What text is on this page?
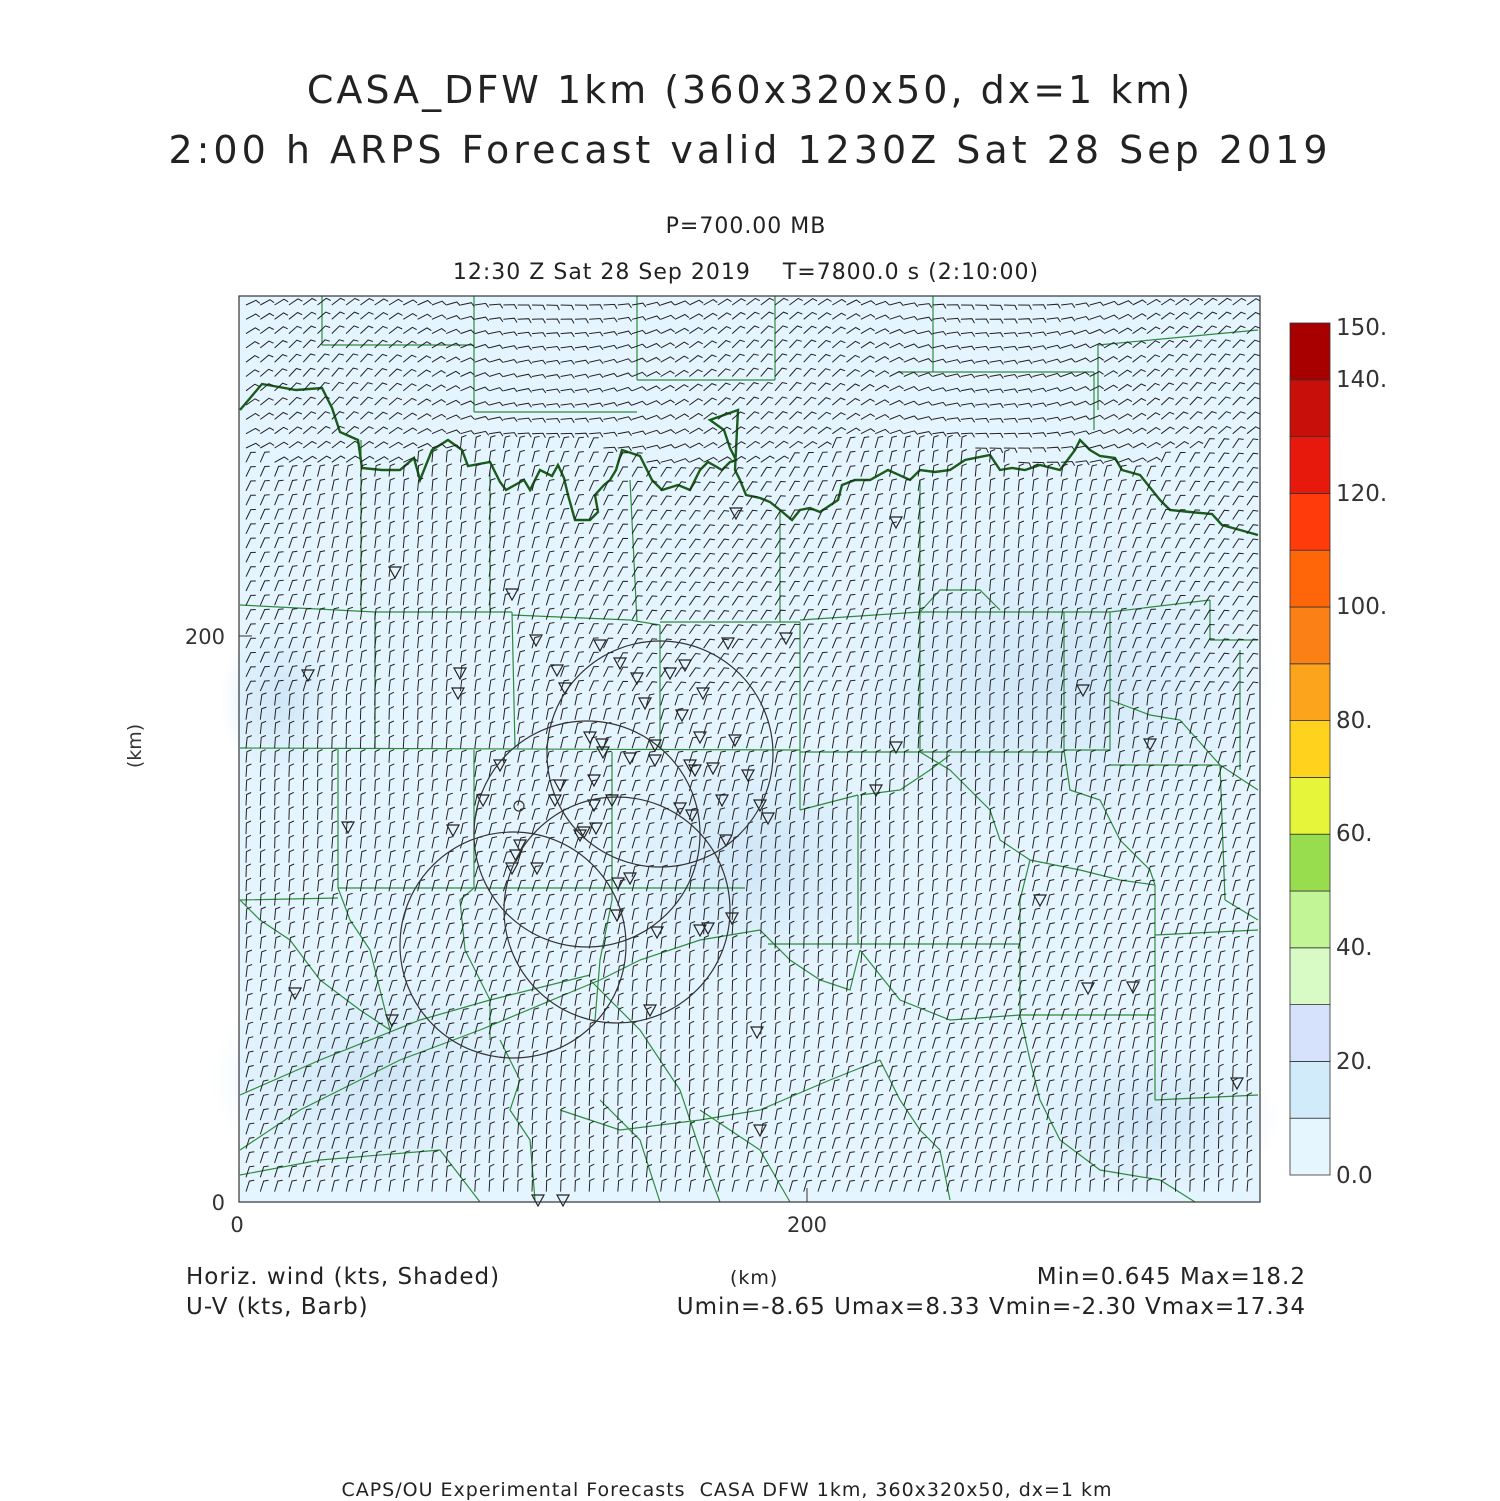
CASA_DFW 1km (360x320x50, dx=1 km)
2:00 h ARPS Forecast valid 1230Z Sat 28 Sep 2019
P=700.00 MB
12:30 Z Sat 28 Sep 2019    T=7800.0 s (2:10:00)
0	200
0
200
(km)
0.0
20.
40.
60.
80.
100.
120.
140.
150.
Horiz. wind (kts, Shaded)
U-V (kts, Barb)
(km)	Min=0.645 Max=18.2
Umin=-8.65 Umax=8.33 Vmin=-2.30 Vmax=17.34
CAPS/OU Experimental Forecasts  CASA DFW 1km, 360x320x50, dx=1 km
